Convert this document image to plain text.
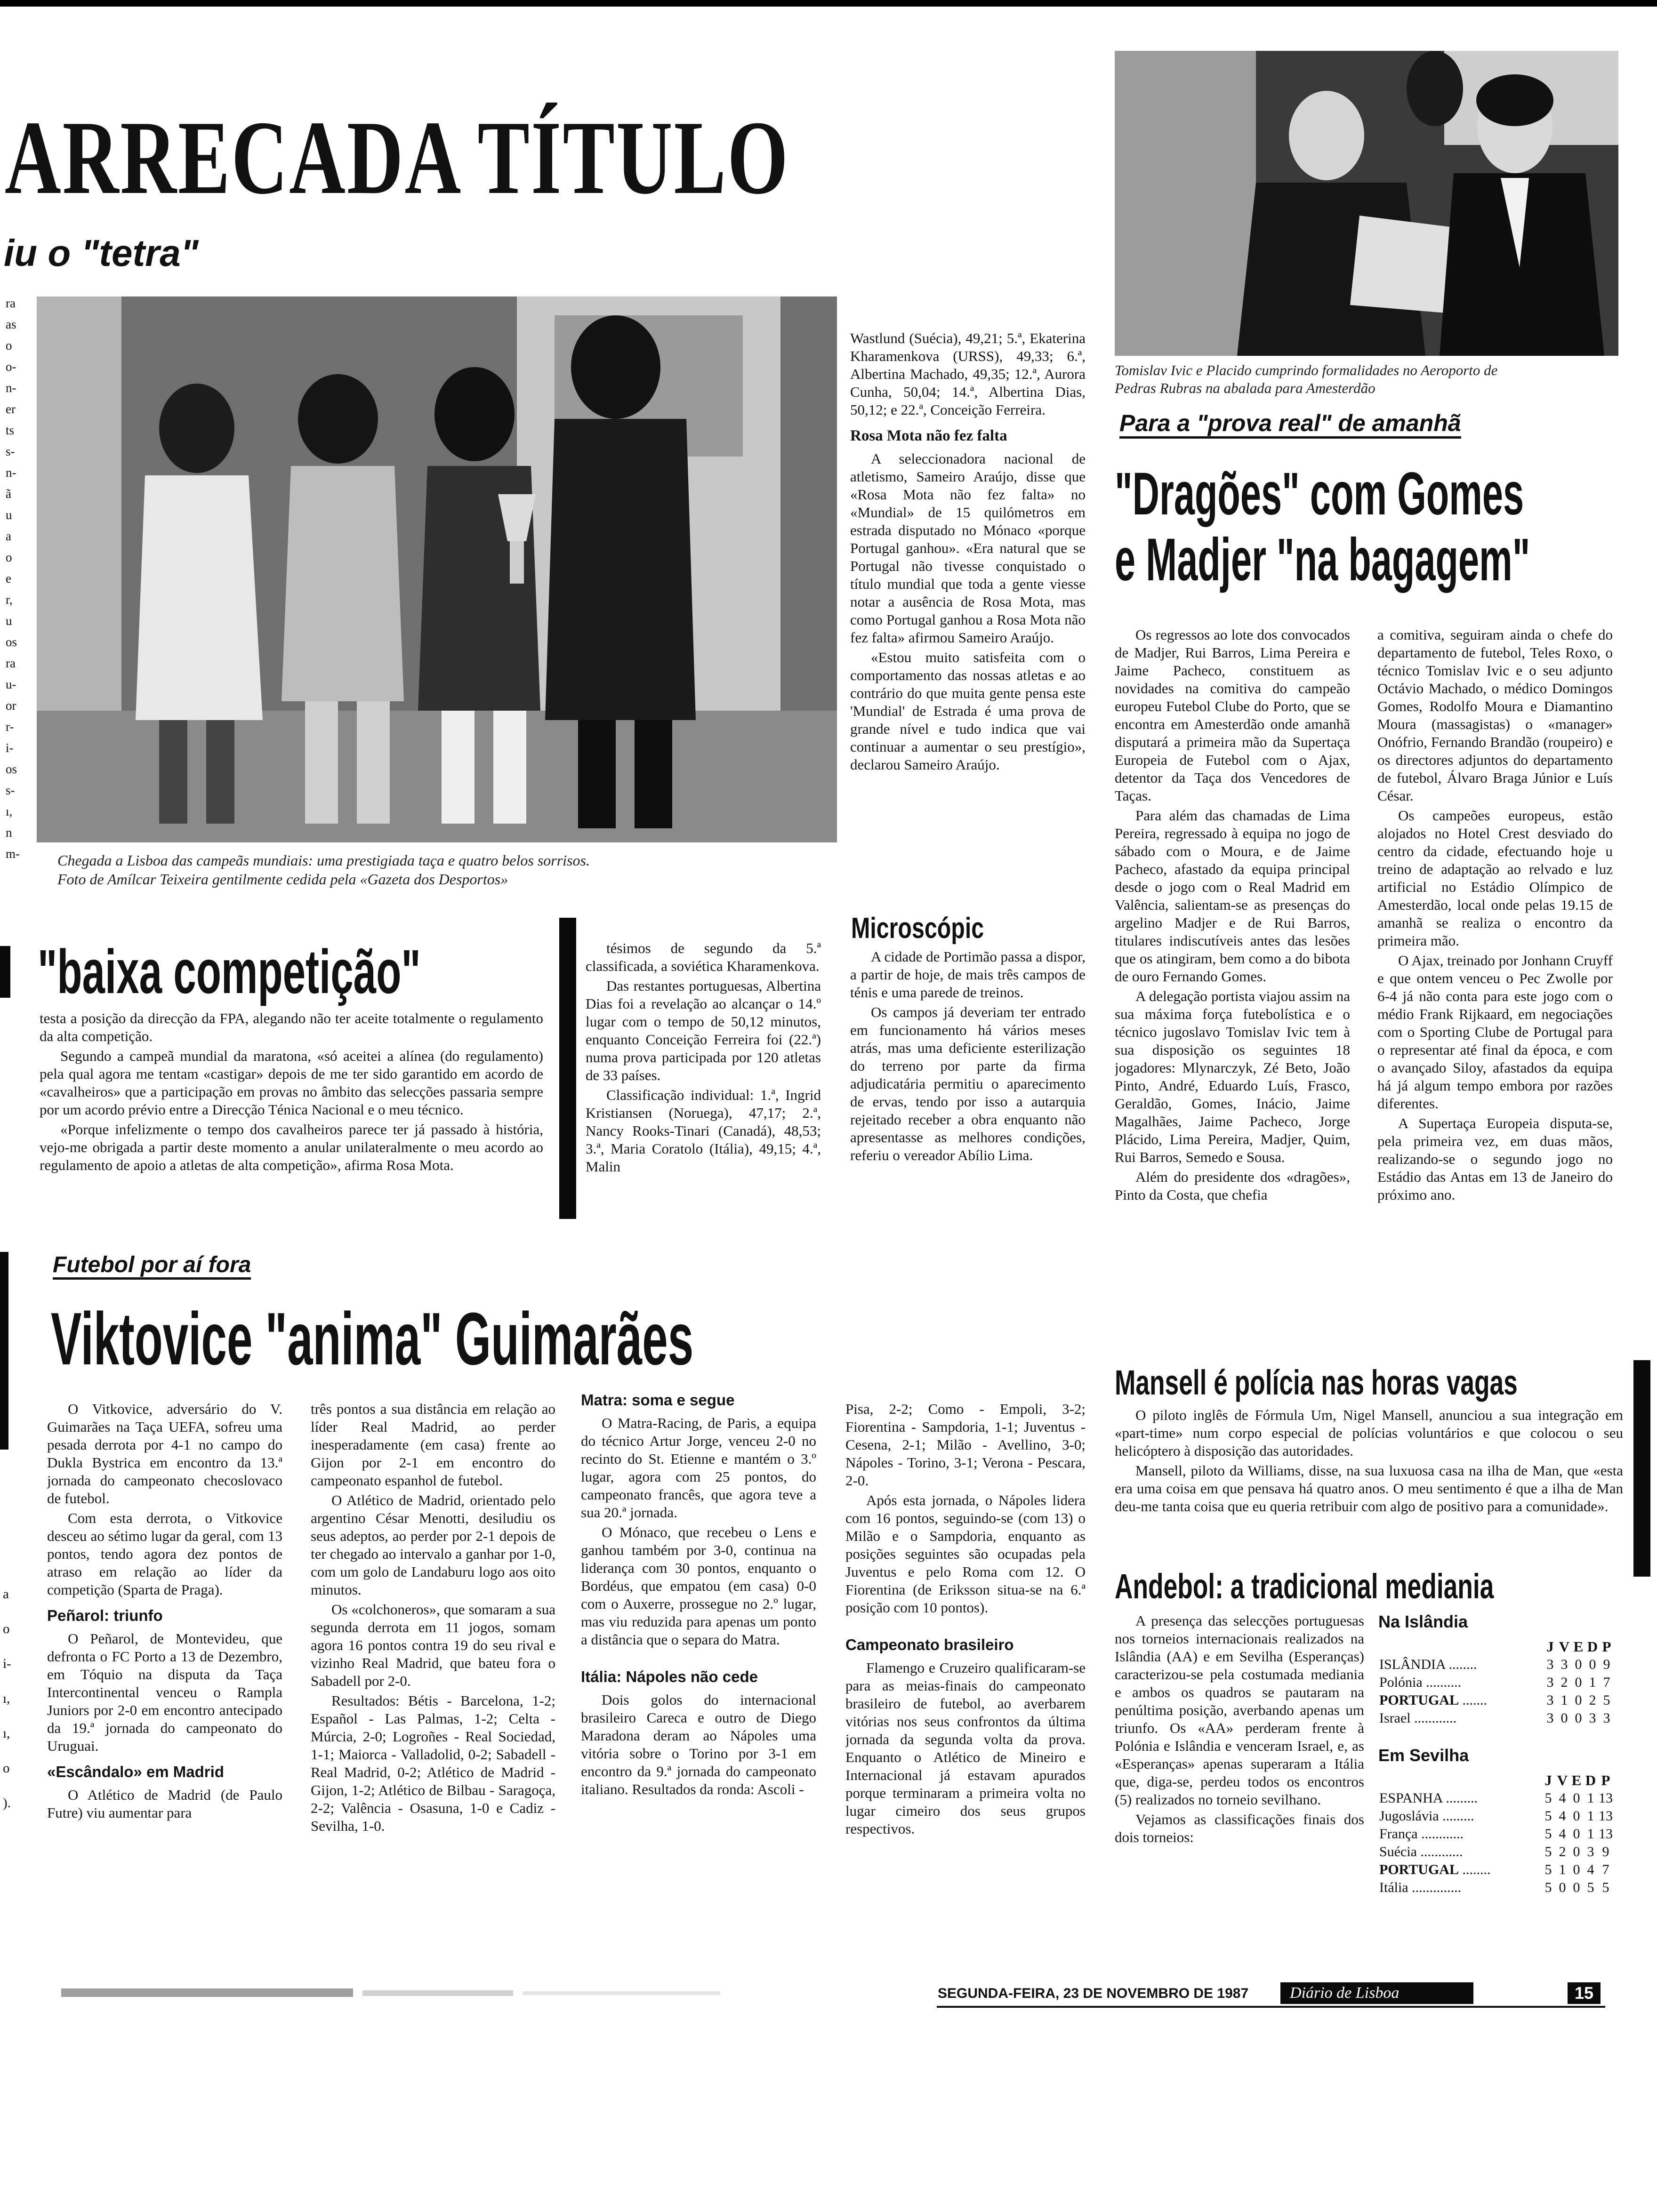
ARRECADA TÍTULO
iu o "tetra"
ra
as
o
o-
n-
er
ts
s-
n-
ã
u
a
o
e
r,
u
os
ra
u-
or
r-
i-
os
s-
ı,
n
m-
a
o
i-
ı,
ı,
o
).
Chegada a Lisboa das campeãs mundiais: uma prestigiada taça e quatro belos sorrisos.
Foto de Amílcar Teixeira gentilmente cedida pela «Gazeta dos Desportos»

Wastlund (Suécia), 49,21; 5.ª, Ekaterina Kharamenkova (URSS), 49,33; 6.ª, Albertina Machado, 49,35; 12.ª, Aurora Cunha, 50,04; 14.ª, Albertina Dias, 50,12; e 22.ª, Conceição Ferreira.

Rosa Mota não fez falta

A seleccionadora nacional de atletismo, Sameiro Araújo, disse que «Rosa Mota não fez falta» no «Mundial» de 15 quilómetros em estrada disputado no Mónaco «porque Portugal ganhou». «Era natural que se Portugal não tivesse conquistado o título mundial que toda a gente viesse notar a ausência de Rosa Mota, mas como Portugal ganhou a Rosa Mota não fez falta» afirmou Sameiro Araújo.

«Estou muito satisfeita com o comportamento das nossas atletas e ao contrário do que muita gente pensa este 'Mundial' de Estrada é uma prova de grande nível e tudo indica que vai continuar a aumentar o seu prestígio», declarou Sameiro Araújo.

"baixa competição"

testa a posição da direcção da FPA, alegando não ter aceite totalmente o regulamento da alta competição.

Segundo a campeã mundial da maratona, «só aceitei a alínea (do regulamento) pela qual agora me tentam «castigar» depois de me ter sido garantido em acordo de «cavalheiros» que a participação em provas no âmbito das selecções passaria sempre por um acordo prévio entre a Direcção Ténica Nacional e o meu técnico.

«Porque infelizmente o tempo dos cavalheiros parece ter já passado à história, vejo-me obrigada a partir deste momento a anular unilateralmente o meu acordo ao regulamento de apoio a atletas de alta competição», afirma Rosa Mota.

tésimos de segundo da 5.ª classificada, a soviética Kharamenkova.

Das restantes portuguesas, Albertina Dias foi a revelação ao alcançar o 14.º lugar com o tempo de 50,12 minutos, enquanto Conceição Ferreira foi (22.ª) numa prova participada por 120 atletas de 33 países.

Classificação individual: 1.ª, Ingrid Kristiansen (Noruega), 47,17; 2.ª, Nancy Rooks-Tinari (Canadá), 48,53; 3.ª, Maria Coratolo (Itália), 49,15; 4.ª, Malin

Microscópic

A cidade de Portimão passa a dispor, a partir de hoje, de mais três campos de ténis e uma parede de treinos.

Os campos já deveriam ter entrado em funcionamento há vários meses atrás, mas uma deficiente esterilização do terreno por parte da firma adjudicatária permitiu o aparecimento de ervas, tendo por isso a autarquia rejeitado receber a obra enquanto não apresentasse as melhores condições, referiu o vereador Abílio Lima.

Tomislav Ivic e Placido cumprindo formalidades no Aeroporto de
Pedras Rubras na abalada para Amesterdão
Para a "prova real" de amanhã
"Dragões" com Gomes
e Madjer "na bagagem"

Os regressos ao lote dos convocados de Madjer, Rui Barros, Lima Pereira e Jaime Pacheco, constituem as novidades na comitiva do campeão europeu Futebol Clube do Porto, que se encontra em Amesterdão onde amanhã disputará a primeira mão da Supertaça Europeia de Futebol com o Ajax, detentor da Taça dos Vencedores de Taças.

Para além das chamadas de Lima Pereira, regressado à equipa no jogo de sábado com o Moura, e de Jaime Pacheco, afastado da equipa principal desde o jogo com o Real Madrid em Valência, salientam-se as presenças do argelino Madjer e de Rui Barros, titulares indiscutíveis antes das lesões que os atingiram, bem como a do bibota de ouro Fernando Gomes.

A delegação portista viajou assim na sua máxima força futebolística e o técnico jugoslavo Tomislav Ivic tem à sua disposição os seguintes 18 jogadores: Mlynarczyk, Zé Beto, João Pinto, André, Eduardo Luís, Frasco, Geraldão, Gomes, Inácio, Jaime Magalhães, Jaime Pacheco, Jorge Plácido, Lima Pereira, Madjer, Quim, Rui Barros, Semedo e Sousa.

Além do presidente dos «dragões», Pinto da Costa, que chefia

a comitiva, seguiram ainda o chefe do departamento de futebol, Teles Roxo, o técnico Tomislav Ivic e o seu adjunto Octávio Machado, o médico Domingos Gomes, Rodolfo Moura e Diamantino Moura (massagistas) o «manager» Onófrio, Fernando Brandão (roupeiro) e os directores adjuntos do departamento de futebol, Álvaro Braga Júnior e Luís César.

Os campeões europeus, estão alojados no Hotel Crest desviado do centro da cidade, efectuando hoje u treino de adaptação ao relvado e luz artificial no Estádio Olímpico de Amesterdão, local onde pelas 19.15 de amanhã se realiza o encontro da primeira mão.

O Ajax, treinado por Jonhann Cruyff e que ontem venceu o Pec Zwolle por 6-4 já não conta para este jogo com o médio Frank Rijkaard, em negociações com o Sporting Clube de Portugal para o representar até final da época, e com o avançado Siloy, afastados da equipa há já algum tempo embora por razões diferentes.

A Supertaça Europeia disputa-se, pela primeira vez, em duas mãos, realizando-se o segundo jogo no Estádio das Antas em 13 de Janeiro do próximo ano.

Futebol por aí fora
Viktovice "anima" Guimarães

O Vitkovice, adversário do V. Guimarães na Taça UEFA, sofreu uma pesada derrota por 4-1 no campo do Dukla Bystrica em encontro da 13.ª jornada do campeonato checoslovaco de futebol.

Com esta derrota, o Vitkovice desceu ao sétimo lugar da geral, com 13 pontos, tendo agora dez pontos de atraso em relação ao líder da competição (Sparta de Praga).

Peñarol: triunfo

O Peñarol, de Montevideu, que defronta o FC Porto a 13 de Dezembro, em Tóquio na disputa da Taça Intercontinental venceu o Rampla Juniors por 2-0 em encontro antecipado da 19.ª jornada do campeonato do Uruguai.

«Escândalo» em Madrid

O Atlético de Madrid (de Paulo Futre) viu aumentar para

três pontos a sua distância em relação ao líder Real Madrid, ao perder inesperadamente (em casa) frente ao Gijon por 2-1 em encontro do campeonato espanhol de futebol.

O Atlético de Madrid, orientado pelo argentino César Menotti, desiludiu os seus adeptos, ao perder por 2-1 depois de ter chegado ao intervalo a ganhar por 1-0, com um golo de Landaburu logo aos oito minutos.

Os «colchoneros», que somaram a sua segunda derrota em 11 jogos, somam agora 16 pontos contra 19 do seu rival e vizinho Real Madrid, que bateu fora o Sabadell por 2-0.

Resultados: Bétis - Barcelona, 1-2; Español - Las Palmas, 1-2; Celta - Múrcia, 2-0; Logroñes - Real Sociedad, 1-1; Maiorca - Valladolid, 0-2; Sabadell - Real Madrid, 0-2; Atlético de Madrid - Gijon, 1-2; Atlético de Bilbau - Saragoça, 2-2; Valência - Osasuna, 1-0 e Cadiz - Sevilha, 1-0.

Matra: soma e segue

O Matra-Racing, de Paris, a equipa do técnico Artur Jorge, venceu 2-0 no recinto do St. Etienne e mantém o 3.º lugar, agora com 25 pontos, do campeonato francês, que agora teve a sua 20.ª jornada.

O Mónaco, que recebeu o Lens e ganhou também por 3-0, continua na liderança com 30 pontos, enquanto o Bordéus, que empatou (em casa) 0-0 com o Auxerre, prossegue no 2.º lugar, mas viu reduzida para apenas um ponto a distância que o separa do Matra.

Itália: Nápoles não cede

Dois golos do internacional brasileiro Careca e outro de Diego Maradona deram ao Nápoles uma vitória sobre o Torino por 3-1 em encontro da 9.ª jornada do campeonato italiano. Resultados da ronda: Ascoli -

Pisa, 2-2; Como - Empoli, 3-2; Fiorentina - Sampdoria, 1-1; Juventus - Cesena, 2-1; Milão - Avellino, 3-0; Nápoles - Torino, 3-1; Verona - Pescara, 2-0.

Após esta jornada, o Nápoles lidera com 16 pontos, seguindo-se (com 13) o Milão e o Sampdoria, enquanto as posições seguintes são ocupadas pela Juventus e pelo Roma com 12. O Fiorentina (de Eriksson situa-se na 6.ª posição com 10 pontos).

Campeonato brasileiro

Flamengo e Cruzeiro qualificaram-se para as meias-finais do campeonato brasileiro de futebol, ao averbarem vitórias nos seus confrontos da última jornada da segunda volta da prova. Enquanto o Atlético de Mineiro e Internacional já estavam apurados porque terminaram a primeira volta no lugar cimeiro dos seus grupos respectivos.

Mansell é polícia nas horas vagas

O piloto inglês de Fórmula Um, Nigel Mansell, anunciou a sua integração em «part-time» num corpo especial de polícias voluntários e que colocou o seu helicóptero à disposição das autoridades.

Mansell, piloto da Williams, disse, na sua luxuosa casa na ilha de Man, que «esta era uma coisa em que pensava há quatro anos. O meu sentimento é que a ilha de Man deu-me tanta coisa que eu queria retribuir com algo de positivo para a comunidade».

Andebol: a tradicional mediania

A presença das selecções portuguesas nos torneios internacionais realizados na Islândia (AA) e em Sevilha (Esperanças) caracterizou-se pela costumada mediania e ambos os quadros se pautaram na penúltima posição, averbando apenas um triunfo. Os «AA» perderam frente à Polónia e Islândia e venceram Israel, e, as «Esperanças» apenas superaram a Itália que, diga-se, perdeu todos os encontros (5) realizados no torneio sevilhano.

Vejamos as classificações finais dos dois torneios:

Na Islândia
	J	V	E	D	P
ISLÂNDIA ........	3	3	0	0	9
Polónia ..........	3	2	0	1	7
PORTUGAL .......	3	1	0	2	5
Israel ............	3	0	0	3	3
Em Sevilha
	J	V	E	D	P
ESPANHA .........	5	4	0	1	13
Jugoslávia .........	5	4	0	1	13
França ............	5	4	0	1	13
Suécia ............	5	2	0	3	9
PORTUGAL ........	5	1	0	4	7
Itália ..............	5	0	0	5	5
SEGUNDA-FEIRA, 23 DE NOVEMBRO DE 1987	Diário de Lisboa	15
